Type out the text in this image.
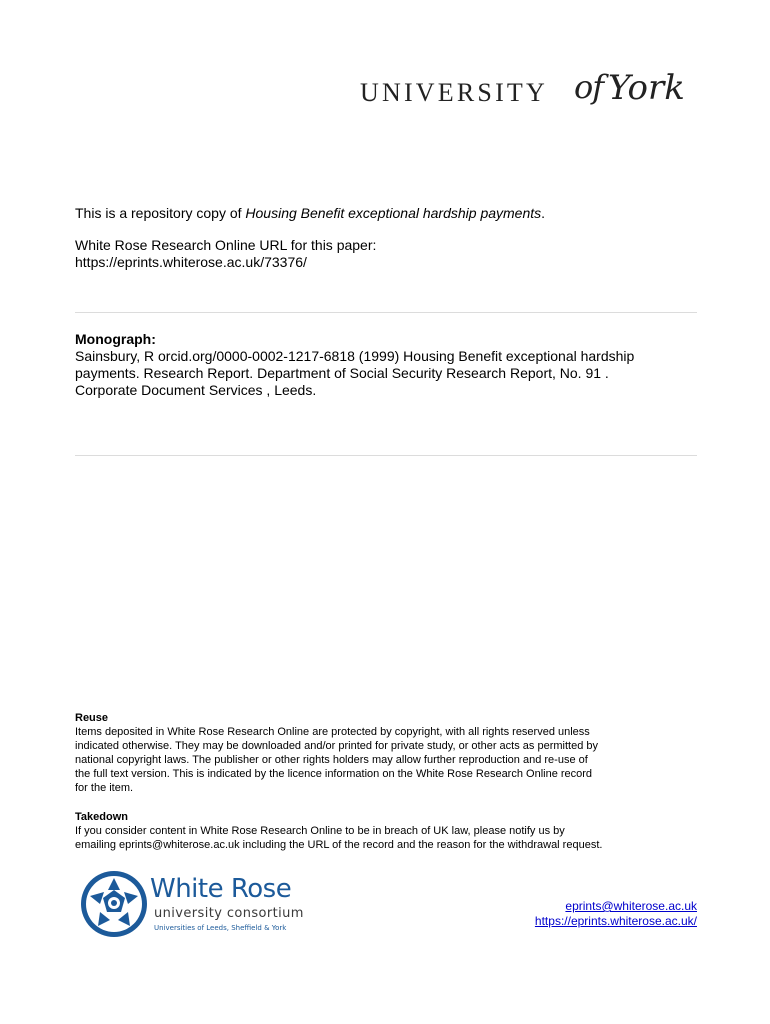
UNIVERSITY of York

This is a repository copy of Housing Benefit exceptional hardship payments.

White Rose Research Online URL for this paper:

https://eprints.whiterose.ac.uk/73376/

Monograph:

Sainsbury, R orcid.org/0000-0002-1217-6818 (1999) Housing Benefit exceptional hardship

payments. Research Report. Department of Social Security Research Report, No. 91 .

Corporate Document Services , Leeds.

Reuse

Items deposited in White Rose Research Online are protected by copyright, with all rights reserved unless

indicated otherwise. They may be downloaded and/or printed for private study, or other acts as permitted by

national copyright laws. The publisher or other rights holders may allow further reproduction and re-use of

the full text version. This is indicated by the licence information on the White Rose Research Online record

for the item.

Takedown

If you consider content in White Rose Research Online to be in breach of UK law, please notify us by

emailing eprints@whiterose.ac.uk including the URL of the record and the reason for the withdrawal request.

White Rose
university consortium
Universities of Leeds, Sheffield & York
eprints@whiterose.ac.uk
https://eprints.whiterose.ac.uk/
